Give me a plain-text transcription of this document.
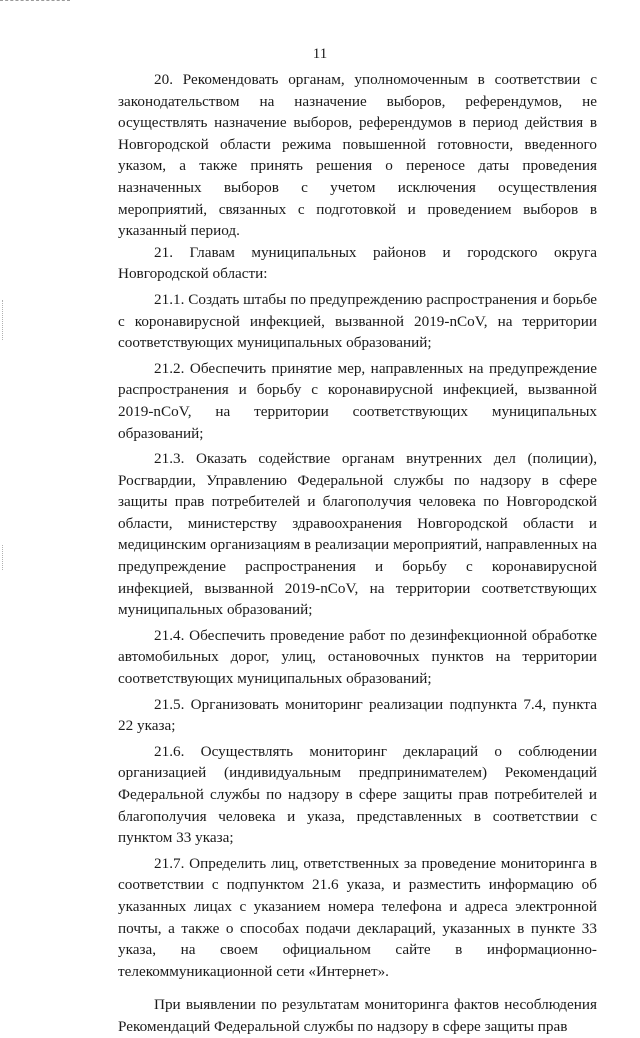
11

20. Рекомендовать органам, уполномоченным в соответствии с законодательством на назначение выборов, референдумов, не осуществлять назначение выборов, референдумов в период действия в Новгородской области режима повышенной готовности, введенного указом, а также принять решения о переносе даты проведения назначенных выборов с учетом исключения осуществления мероприятий, связанных с подготовкой и проведением выборов в указанный период.

21. Главам муниципальных районов и городского округа Новгородской области:

21.1. Создать штабы по предупреждению распространения и борьбе с коронавирусной инфекцией, вызванной 2019-nCoV, на территории соответствующих муниципальных образований;

21.2. Обеспечить принятие мер, направленных на предупреждение распространения и борьбу с коронавирусной инфекцией, вызванной 2019-nCoV, на территории соответствующих муниципальных образований;

21.3. Оказать содействие органам внутренних дел (полиции), Росгвардии, Управлению Федеральной службы по надзору в сфере защиты прав потребителей и благополучия человека по Новгородской области, министерству здравоохранения Новгородской области и медицинским организациям в реализации мероприятий, направленных на предупреждение распространения и борьбу с коронавирусной инфекцией, вызванной 2019-nCoV, на территории соответствующих муниципальных образований;

21.4. Обеспечить проведение работ по дезинфекционной обработке автомобильных дорог, улиц, остановочных пунктов на территории соответствующих муниципальных образований;

21.5. Организовать мониторинг реализации подпункта 7.4, пункта 22 указа;

21.6. Осуществлять мониторинг деклараций о соблюдении организацией (индивидуальным предпринимателем) Рекомендаций Федеральной службы по надзору в сфере защиты прав потребителей и благополучия человека и указа, представленных в соответствии с пунктом 33 указа;

21.7. Определить лиц, ответственных за проведение мониторинга в соответствии с подпунктом 21.6 указа, и разместить информацию об указанных лицах с указанием номера телефона и адреса электронной почты, а также о способах подачи деклараций, указанных в пункте 33 указа, на своем официальном сайте в информационно-телекоммуникационной сети «Интернет».

При выявлении по результатам мониторинга фактов несоблюдения Рекомендаций Федеральной службы по надзору в сфере защиты прав
